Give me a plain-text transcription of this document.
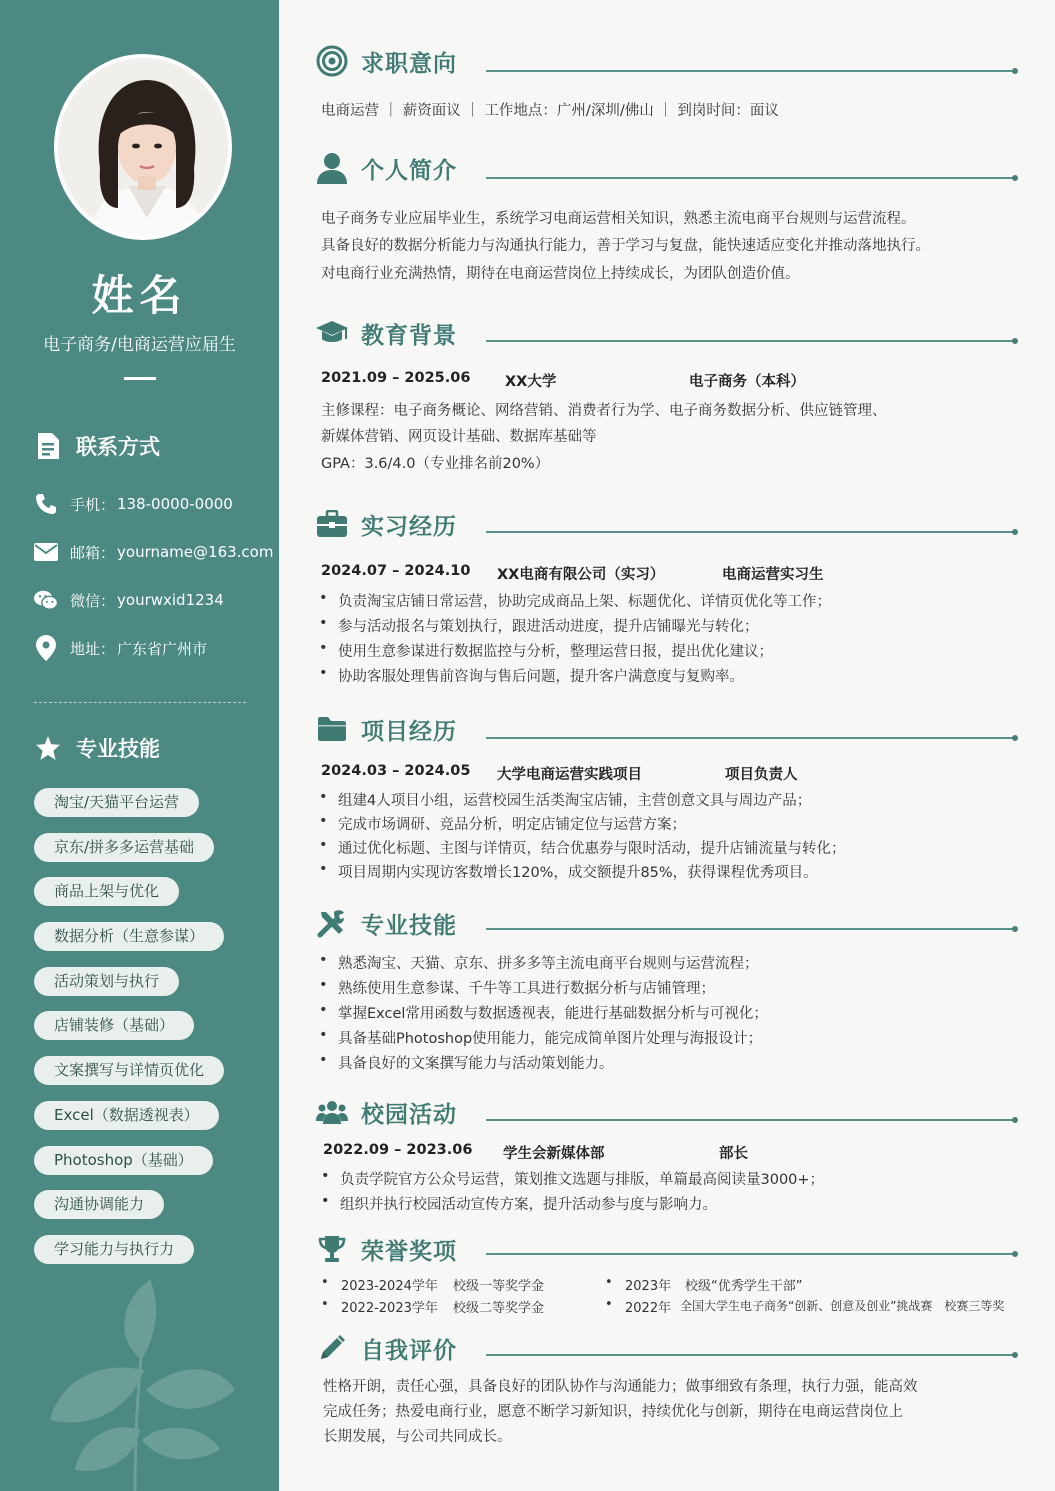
姓名
电子商务/电商运营应届生
联系方式
手机： 138-0000-0000
邮箱： yourname@163.com
微信： yourwxid1234
地址： 广东省广州市
专业技能
淘宝/天猫平台运营
京东/拼多多运营基础
商品上架与优化
数据分析（生意参谋）
活动策划与执行
店铺装修（基础）
文案撰写与详情页优化
Excel（数据透视表）
Photoshop（基础）
沟通协调能力
学习能力与执行力
求职意向
电商运营 ｜ 薪资面议 ｜ 工作地点：广州/深圳/佛山 ｜ 到岗时间：面议
个人简介
电子商务专业应届毕业生，系统学习电商运营相关知识，熟悉主流电商平台规则与运营流程。
具备良好的数据分析能力与沟通执行能力，善于学习与复盘，能快速适应变化并推动落地执行。
对电商行业充满热情，期待在电商运营岗位上持续成长，为团队创造价值。
教育背景
2021.09 – 2025.06 XX大学	电子商务（本科）
主修课程：电子商务概论、网络营销、消费者行为学、电子商务数据分析、供应链管理、
新媒体营销、网页设计基础、数据库基础等
GPA：3.6/4.0（专业排名前20%）
实习经历
2024.07 – 2024.10 XX电商有限公司（实习）	电商运营实习生
负责淘宝店铺日常运营，协助完成商品上架、标题优化、详情页优化等工作；
参与活动报名与策划执行，跟进活动进度，提升店铺曝光与转化；
使用生意参谋进行数据监控与分析，整理运营日报，提出优化建议；
协助客服处理售前咨询与售后问题，提升客户满意度与复购率。
项目经历
2024.03 – 2024.05 大学电商运营实践项目	项目负责人
组建4人项目小组，运营校园生活类淘宝店铺，主营创意文具与周边产品；
完成市场调研、竞品分析，明定店铺定位与运营方案；
通过优化标题、主图与详情页，结合优惠券与限时活动，提升店铺流量与转化；
项目周期内实现访客数增长120%，成交额提升85%，获得课程优秀项目。
专业技能
熟悉淘宝、天猫、京东、拼多多等主流电商平台规则与运营流程；
熟练使用生意参谋、千牛等工具进行数据分析与店铺管理；
掌握Excel常用函数与数据透视表，能进行基础数据分析与可视化；
具备基础Photoshop使用能力，能完成简单图片处理与海报设计；
具备良好的文案撰写能力与活动策划能力。
校园活动
2022.09 – 2023.06 学生会新媒体部	部长
负责学院官方公众号运营，策划推文选题与排版，单篇最高阅读量3000+；
组织并执行校园活动宣传方案，提升活动参与度与影响力。
荣誉奖项
2023-2024学年 校级一等奖学金
2022-2023学年 校级二等奖学金
2023年 校级“优秀学生干部”
2022年 全国大学生电子商务“创新、创意及创业”挑战赛　校赛三等奖
自我评价
性格开朗，责任心强，具备良好的团队协作与沟通能力；做事细致有条理，执行力强，能高效
完成任务；热爱电商行业，愿意不断学习新知识，持续优化与创新，期待在电商运营岗位上
长期发展，与公司共同成长。
